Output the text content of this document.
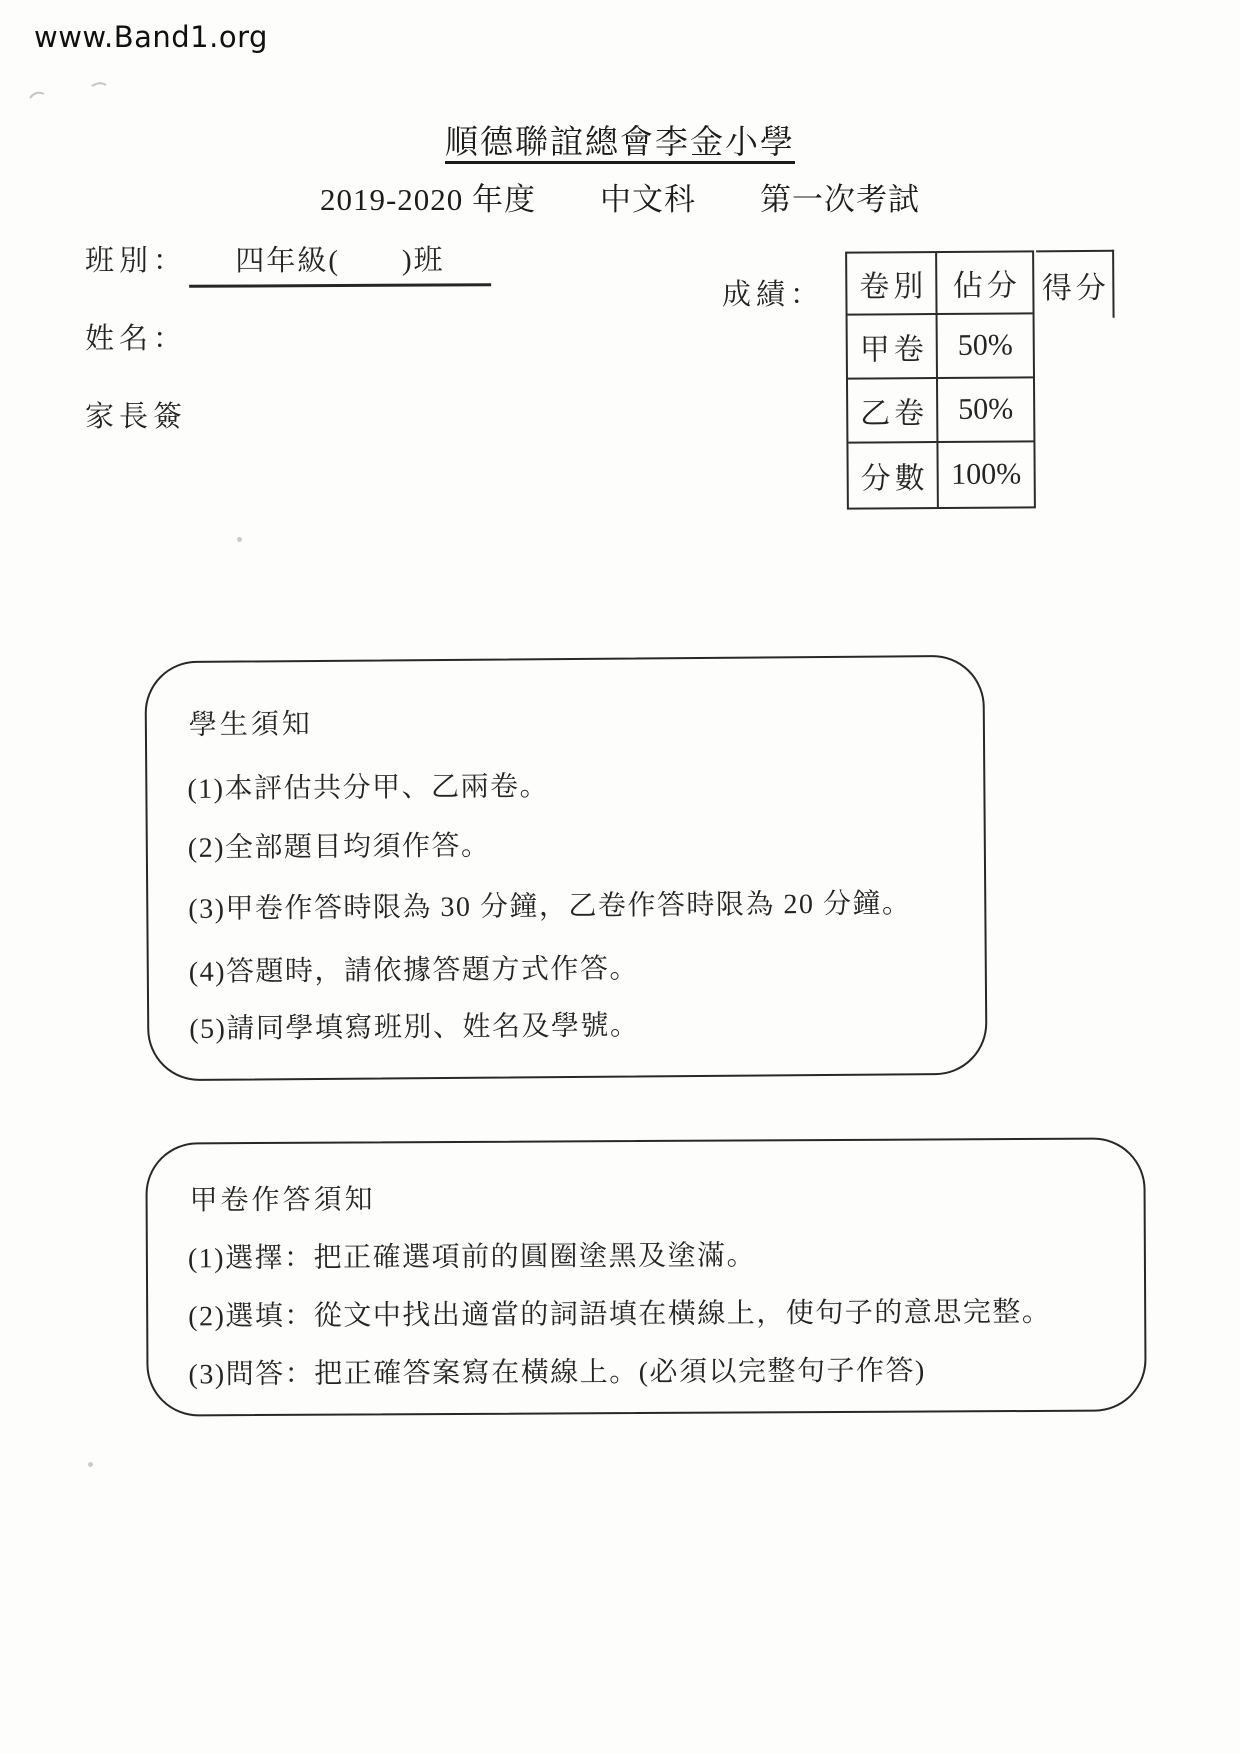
www.Band1.org
順德聯誼總會李金小學
2019-2020 年度　　中文科　　第一次考試
班別： 四年級(　　)班
姓名：
家長簽
成績：	卷別 佔分
甲卷 50%
乙卷 50%
分數 100%
得分
學生須知
(1)本評估共分甲、乙兩卷。
(2)全部題目均須作答。
(3)甲卷作答時限為 30 分鐘，乙卷作答時限為 20 分鐘。
(4)答題時，請依據答題方式作答。
(5)請同學填寫班別、姓名及學號。
甲卷作答須知
(1)選擇：把正確選項前的圓圈塗黑及塗滿。
(2)選填：從文中找出適當的詞語填在橫線上，使句子的意思完整。
(3)問答：把正確答案寫在橫線上。(必須以完整句子作答)
